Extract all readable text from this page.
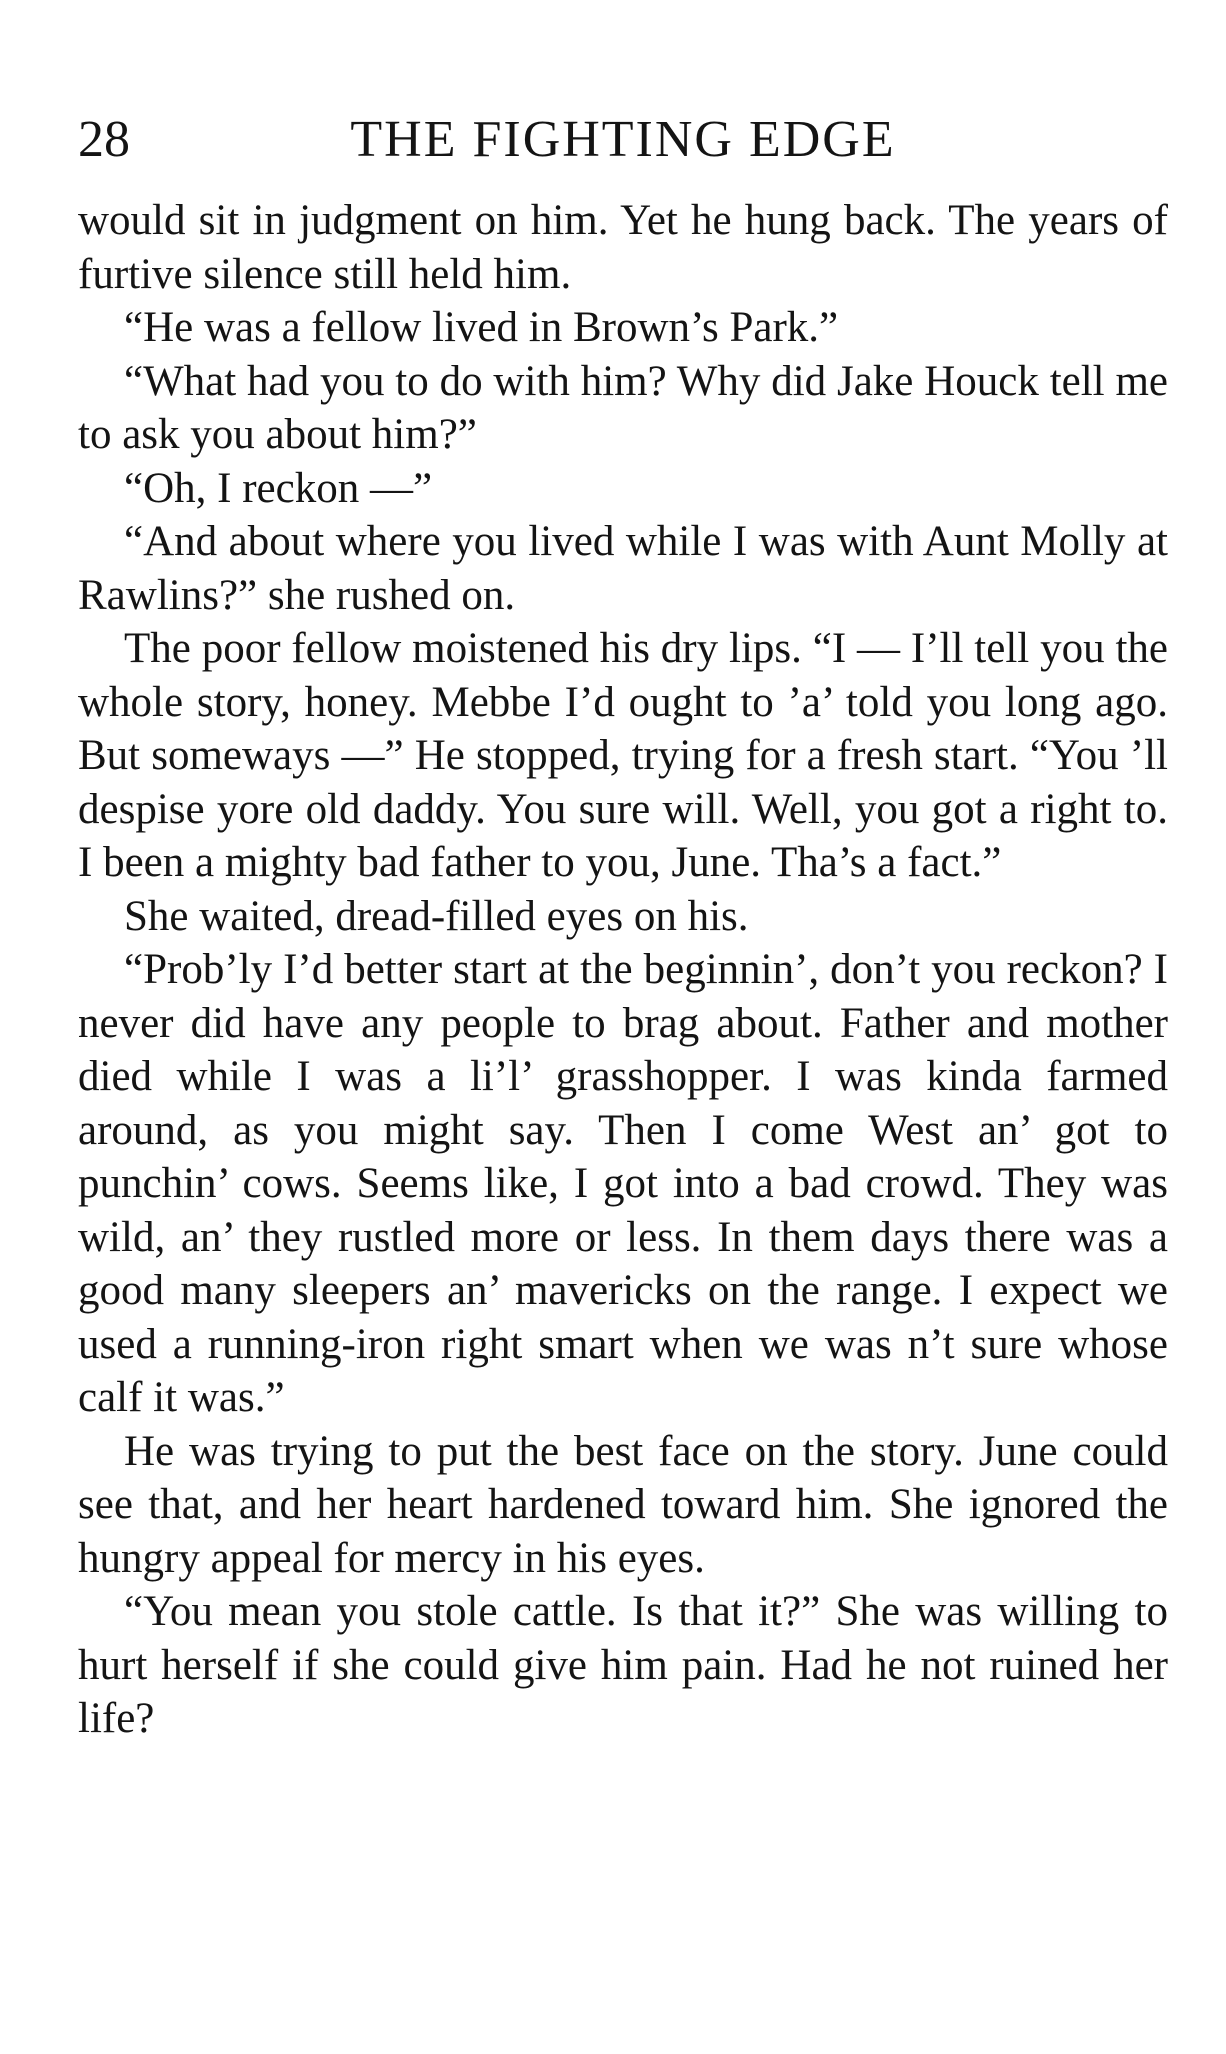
28	THE FIGHTING EDGE

would sit in judgment on him. Yet he hung back. The years of furtive silence still held him.

“He was a fellow lived in Brown’s Park.”

“What had you to do with him? Why did Jake Houck tell me to ask you about him?”

“Oh, I reckon —”

“And about where you lived while I was with Aunt Molly at Rawlins?” she rushed on.

The poor fellow moistened his dry lips. “I — I’ll tell you the whole story, honey. Mebbe I’d ought to ’a’ told you long ago. But someways —” He stopped, trying for a fresh start. “You ’ll despise yore old daddy. You sure will. Well, you got a right to. I been a mighty bad father to you, June. Tha’s a fact.”

She waited, dread-filled eyes on his.

“Prob’ly I’d better start at the beginnin’, don’t you reckon? I never did have any people to brag about. Father and mother died while I was a li’l’ grasshopper. I was kinda farmed around, as you might say. Then I come West an’ got to punchin’ cows. Seems like, I got into a bad crowd. They was wild, an’ they rustled more or less. In them days there was a good many sleepers an’ mavericks on the range. I expect we used a running-iron right smart when we was n’t sure whose calf it was.”

He was trying to put the best face on the story. June could see that, and her heart hardened toward him. She ignored the hungry appeal for mercy in his eyes.

“You mean you stole cattle. Is that it?” She was willing to hurt herself if she could give him pain. Had he not ruined her life?
